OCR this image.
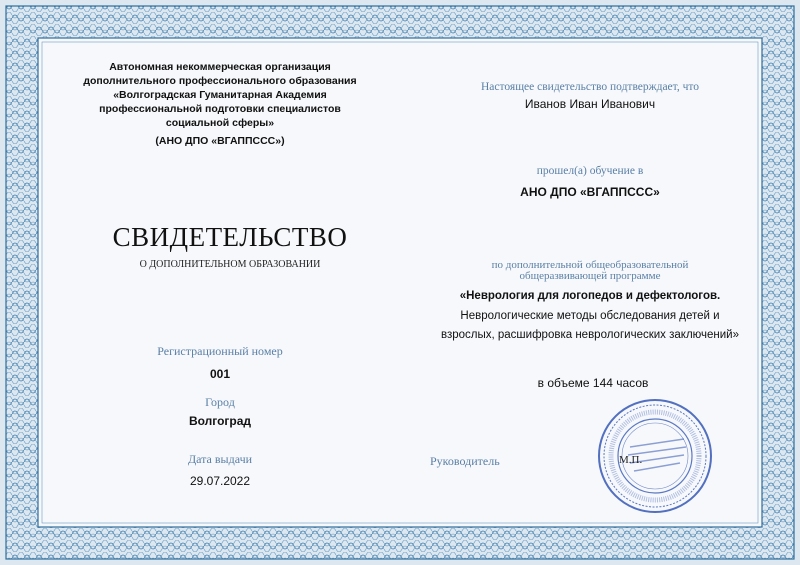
Автономная некоммерческая организация
дополнительного профессионального образования
«Волгоградская Гуманитарная Академия
профессиональной подготовки специалистов
социальной сферы»
(АНО ДПО «ВГАППССС»)
СВИДЕТЕЛЬСТВО
О ДОПОЛНИТЕЛЬНОМ ОБРАЗОВАНИИ
Регистрационный номер
001
Город
Волгоград
Дата выдачи
29.07.2022
Настоящее свидетельство подтверждает, что
Иванов Иван Иванович
прошел(а) обучение в
АНО ДПО «ВГАППССС»
по дополнительной общеобразовательной
общеразвивающей программе
«Неврология для логопедов и дефектологов.
Неврологические методы обследования детей и
взрослых, расшифровка неврологических заключений»
в объеме 144 часов
Руководитель	М.П.
